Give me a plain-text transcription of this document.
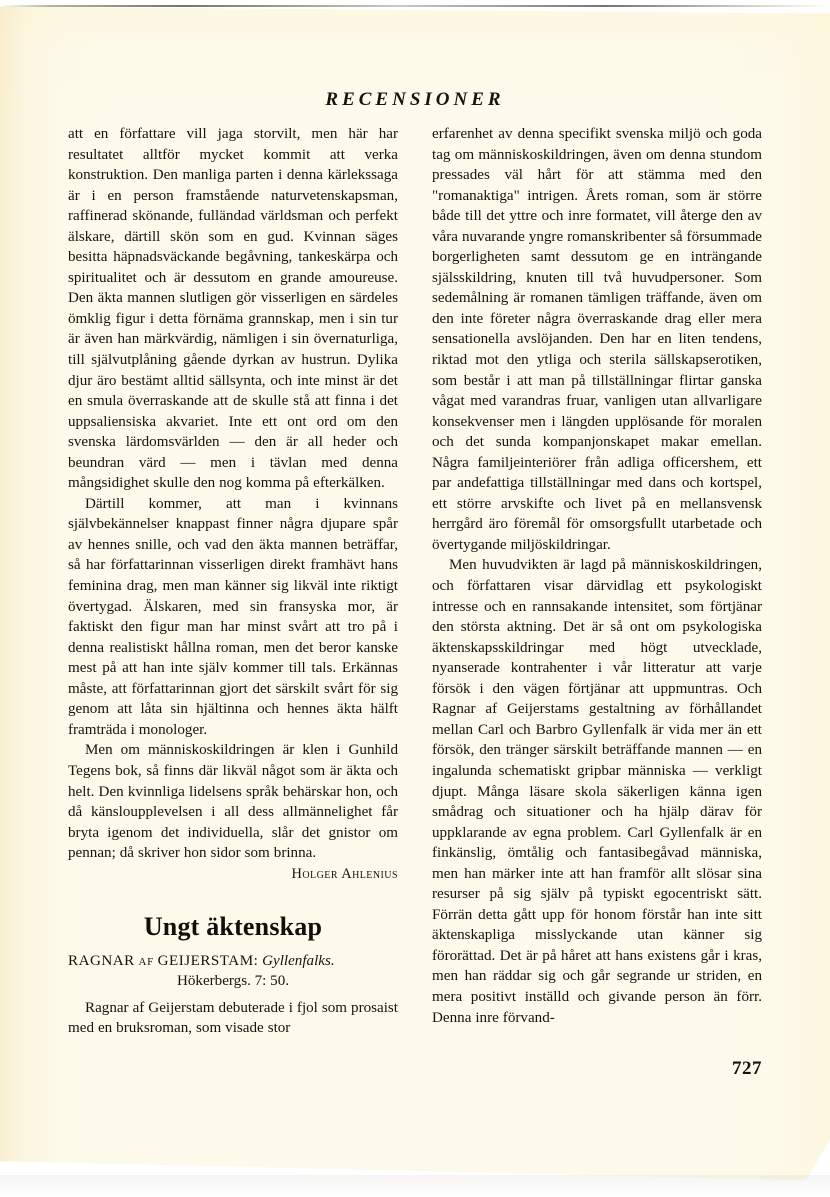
RECENSIONER

att en författare vill jaga storvilt, men här har resultatet alltför mycket kommit att verka konstruktion. Den manliga parten i denna kärlekssaga är i en person framstående naturvetenskapsman, raffinerad skönande, fulländad världsman och perfekt älskare, därtill skön som en gud. Kvinnan säges besitta häpnadsväckande begåvning, tankeskärpa och spiritualitet och är dessutom en grande amoureuse. Den äkta mannen slutligen gör visserligen en särdeles ömklig figur i detta förnäma grannskap, men i sin tur är även han märkvärdig, nämligen i sin övernaturliga, till självutplåning gående dyrkan av hustrun. Dylika djur äro bestämt alltid sällsynta, och inte minst är det en smula överraskande att de skulle stå att finna i det uppsaliensiska akvariet. Inte ett ont ord om den svenska lärdomsvärlden — den är all heder och beundran värd — men i tävlan med denna mångsidighet skulle den nog komma på efterkälken.

Därtill kommer, att man i kvinnans självbekännelser knappast finner några djupare spår av hennes snille, och vad den äkta mannen beträffar, så har författarinnan visserligen direkt framhävt hans feminina drag, men man känner sig likväl inte riktigt övertygad. Älskaren, med sin fransyska mor, är faktiskt den figur man har minst svårt att tro på i denna realistiskt hållna roman, men det beror kanske mest på att han inte själv kommer till tals. Erkännas måste, att författarinnan gjort det särskilt svårt för sig genom att låta sin hjältinna och hennes äkta hälft framträda i monologer.

Men om människoskildringen är klen i Gunhild Tegens bok, så finns där likväl något som är äkta och helt. Den kvinnliga lidelsens språk behärskar hon, och då känsloupplevelsen i all dess allmännelighet får bryta igenom det individuella, slår det gnistor om pennan; då skriver hon sidor som brinna.

Holger Ahlenius

Ungt äktenskap

RAGNAR af GEIJERSTAM: Gyllenfalks.
Hökerbergs. 7: 50.

Ragnar af Geijerstam debuterade i fjol som prosaist med en bruksroman, som visade stor

erfarenhet av denna specifikt svenska miljö och goda tag om människoskildringen, även om denna stundom pressades väl hårt för att stämma med den "romanaktiga" intrigen. Årets roman, som är större både till det yttre och inre formatet, vill återge den av våra nuvarande yngre romanskribenter så försummade borgerligheten samt dessutom ge en inträngande själsskildring, knuten till två huvudpersoner. Som sedemålning är romanen tämligen träffande, även om den inte företer några överraskande drag eller mera sensationella avslöjanden. Den har en liten tendens, riktad mot den ytliga och sterila sällskapserotiken, som består i att man på tillställningar flirtar ganska vågat med varandras fruar, vanligen utan allvarligare konsekvenser men i längden upplösande för moralen och det sunda kompanjonskapet makar emellan. Några familjeinteriörer från adliga officershem, ett par andefattiga tillställningar med dans och kortspel, ett större arvskifte och livet på en mellansvensk herrgård äro föremål för omsorgsfullt utarbetade och övertygande miljöskildringar.

Men huvudvikten är lagd på människoskildringen, och författaren visar därvidlag ett psykologiskt intresse och en rannsakande intensitet, som förtjänar den största aktning. Det är så ont om psykologiska äktenskapsskildringar med högt utvecklade, nyanserade kontrahenter i vår litteratur att varje försök i den vägen förtjänar att uppmuntras. Och Ragnar af Geijerstams gestaltning av förhållandet mellan Carl och Barbro Gyllenfalk är vida mer än ett försök, den tränger särskilt beträffande mannen — en ingalunda schematiskt gripbar människa — verkligt djupt. Många läsare skola säkerligen känna igen smådrag och situationer och ha hjälp därav för uppklarande av egna problem. Carl Gyllenfalk är en finkänslig, ömtålig och fantasibegåvad människa, men han märker inte att han framför allt slösar sina resurser på sig själv på typiskt egocentriskt sätt. Förrän detta gått upp för honom förstår han inte sitt äktenskapliga misslyckande utan känner sig förorättad. Det är på håret att hans existens går i kras, men han räddar sig och går segrande ur striden, en mera positivt inställd och givande person än förr. Denna inre förvand-

727
